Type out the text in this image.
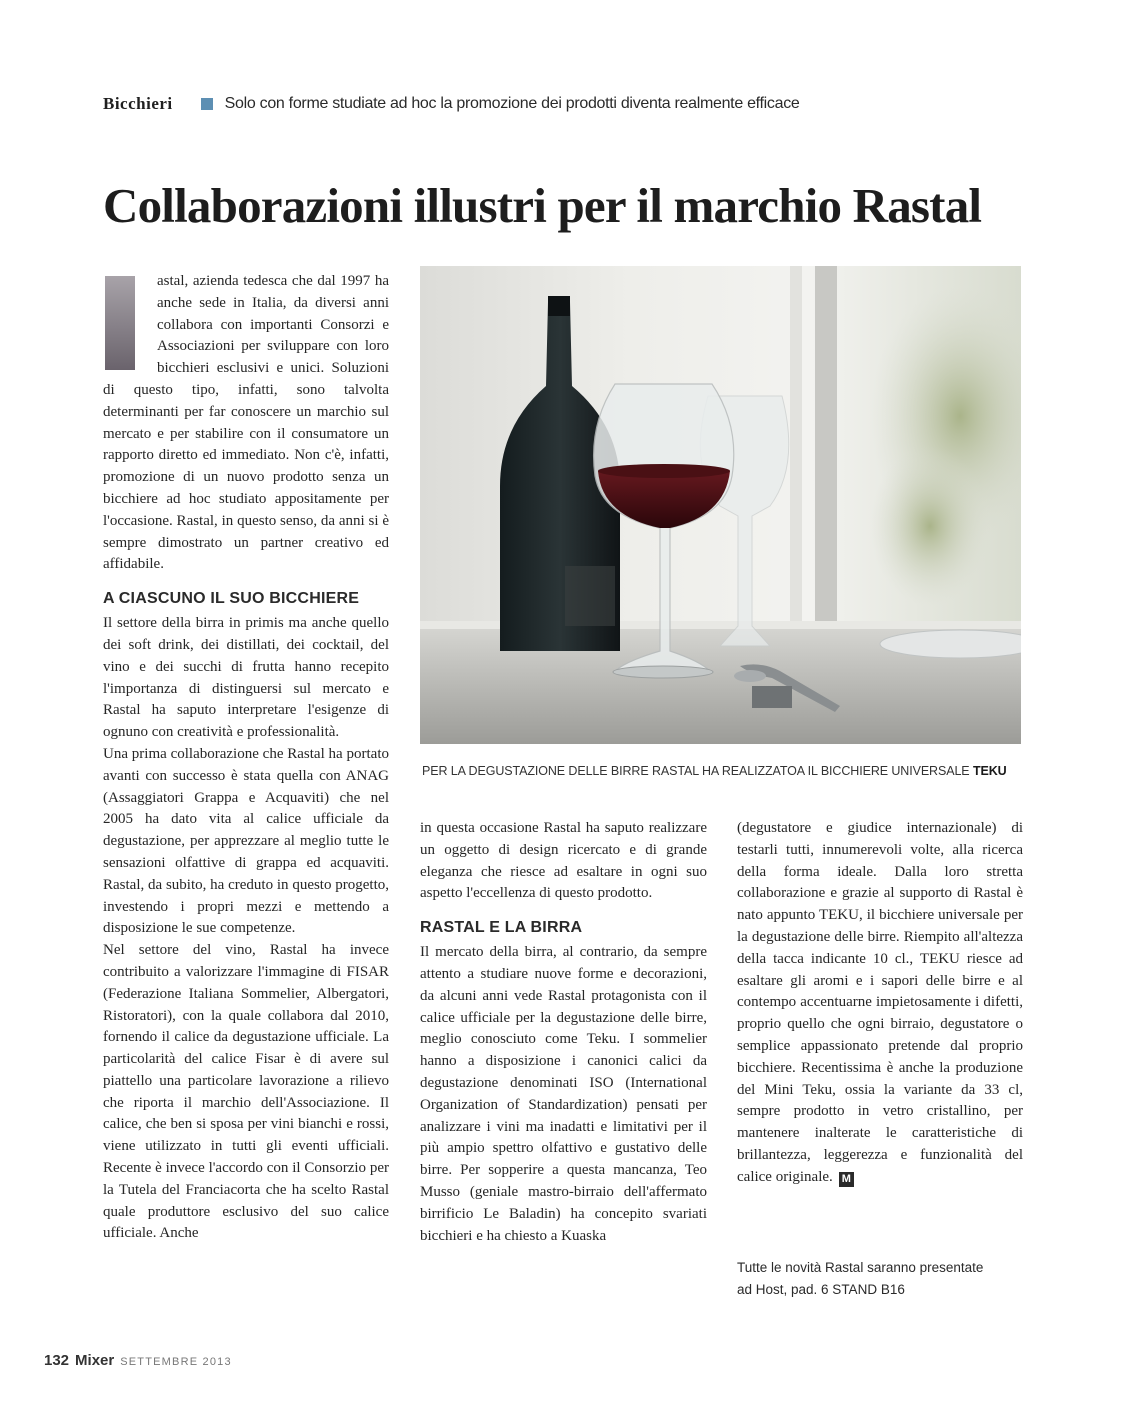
Bicchieri	Solo con forme studiate ad hoc la promozione dei prodotti diventa realmente efficace
Collaborazioni illustri per il marchio Rastal

astal, azienda tedesca che dal 1997 ha anche sede in Italia, da diversi anni collabora con importanti Consorzi e Associazioni per sviluppare con loro bicchieri esclusivi e unici. Soluzioni di questo tipo, infatti, sono talvolta determinanti per far conoscere un marchio sul mercato e per stabilire con il consumatore un rapporto diretto ed immediato. Non c'è, infatti, promozione di un nuovo prodotto senza un bicchiere ad hoc studiato appositamente per l'occasione. Rastal, in questo senso, da anni si è sempre dimostrato un partner creativo ed affidabile.

A CIASCUNO IL SUO BICCHIERE

Il settore della birra in primis ma anche quello dei soft drink, dei distillati, dei cocktail, del vino e dei succhi di frutta hanno recepito l'importanza di distinguersi sul mercato e Rastal ha saputo interpretare l'esigenze di ognuno con creatività e professionalità.

Una prima collaborazione che Rastal ha portato avanti con successo è stata quella con ANAG (Assaggiatori Grappa e Acquaviti) che nel 2005 ha dato vita al calice ufficiale da degustazione, per apprezzare al meglio tutte le sensazioni olfattive di grappa ed acquaviti. Rastal, da subito, ha creduto in questo progetto, investendo i propri mezzi e mettendo a disposizione le sue competenze.

Nel settore del vino, Rastal ha invece contribuito a valorizzare l'immagine di FISAR (Federazione Italiana Sommelier, Albergatori, Ristoratori), con la quale collabora dal 2010, fornendo il calice da degustazione ufficiale. La particolarità del calice Fisar è di avere sul piattello una particolare lavorazione a rilievo che riporta il marchio dell'Associazione. Il calice, che ben si sposa per vini bianchi e rossi, viene utilizzato in tutti gli eventi ufficiali. Recente è invece l'accordo con il Consorzio per la Tutela del Franciacorta che ha scelto Rastal quale produttore esclusivo del suo calice ufficiale. Anche

PER LA DEGUSTAZIONE DELLE BIRRE RASTAL HA REALIZZATOA IL BICCHIERE UNIVERSALE TEKU

in questa occasione Rastal ha saputo realizzare un oggetto di design ricercato e di grande eleganza che riesce ad esaltare in ogni suo aspetto l'eccellenza di questo prodotto.

RASTAL E LA BIRRA

Il mercato della birra, al contrario, da sempre attento a studiare nuove forme e decorazioni, da alcuni anni vede Rastal protagonista con il calice ufficiale per la degustazione delle birre, meglio conosciuto come Teku. I sommelier hanno a disposizione i canonici calici da degustazione denominati ISO (International Organization of Standardization) pensati per analizzare i vini ma inadatti e limitativi per il più ampio spettro olfattivo e gustativo delle birre. Per sopperire a questa mancanza, Teo Musso (geniale mastro-birraio dell'affermato birrificio Le Baladin) ha concepito svariati bicchieri e ha chiesto a Kuaska

(degustatore e giudice internazionale) di testarli tutti, innumerevoli volte, alla ricerca della forma ideale. Dalla loro stretta collaborazione e grazie al supporto di Rastal è nato appunto TEKU, il bicchiere universale per la degustazione delle birre. Riempito all'altezza della tacca indicante 10 cl., TEKU riesce ad esaltare gli aromi e i sapori delle birre e al contempo accentuarne impietosamente i difetti, proprio quello che ogni birraio, degustatore o semplice appassionato pretende dal proprio bicchiere. Recentissima è anche la produzione del Mini Teku, ossia la variante da 33 cl, sempre prodotto in vetro cristallino, per mantenere inalterate le caratteristiche di brillantezza, leggerezza e funzionalità del calice originale. M

Tutte le novità Rastal saranno presentate
ad Host, pad. 6 STAND B16
132 Mixer SETTEMBRE 2013
